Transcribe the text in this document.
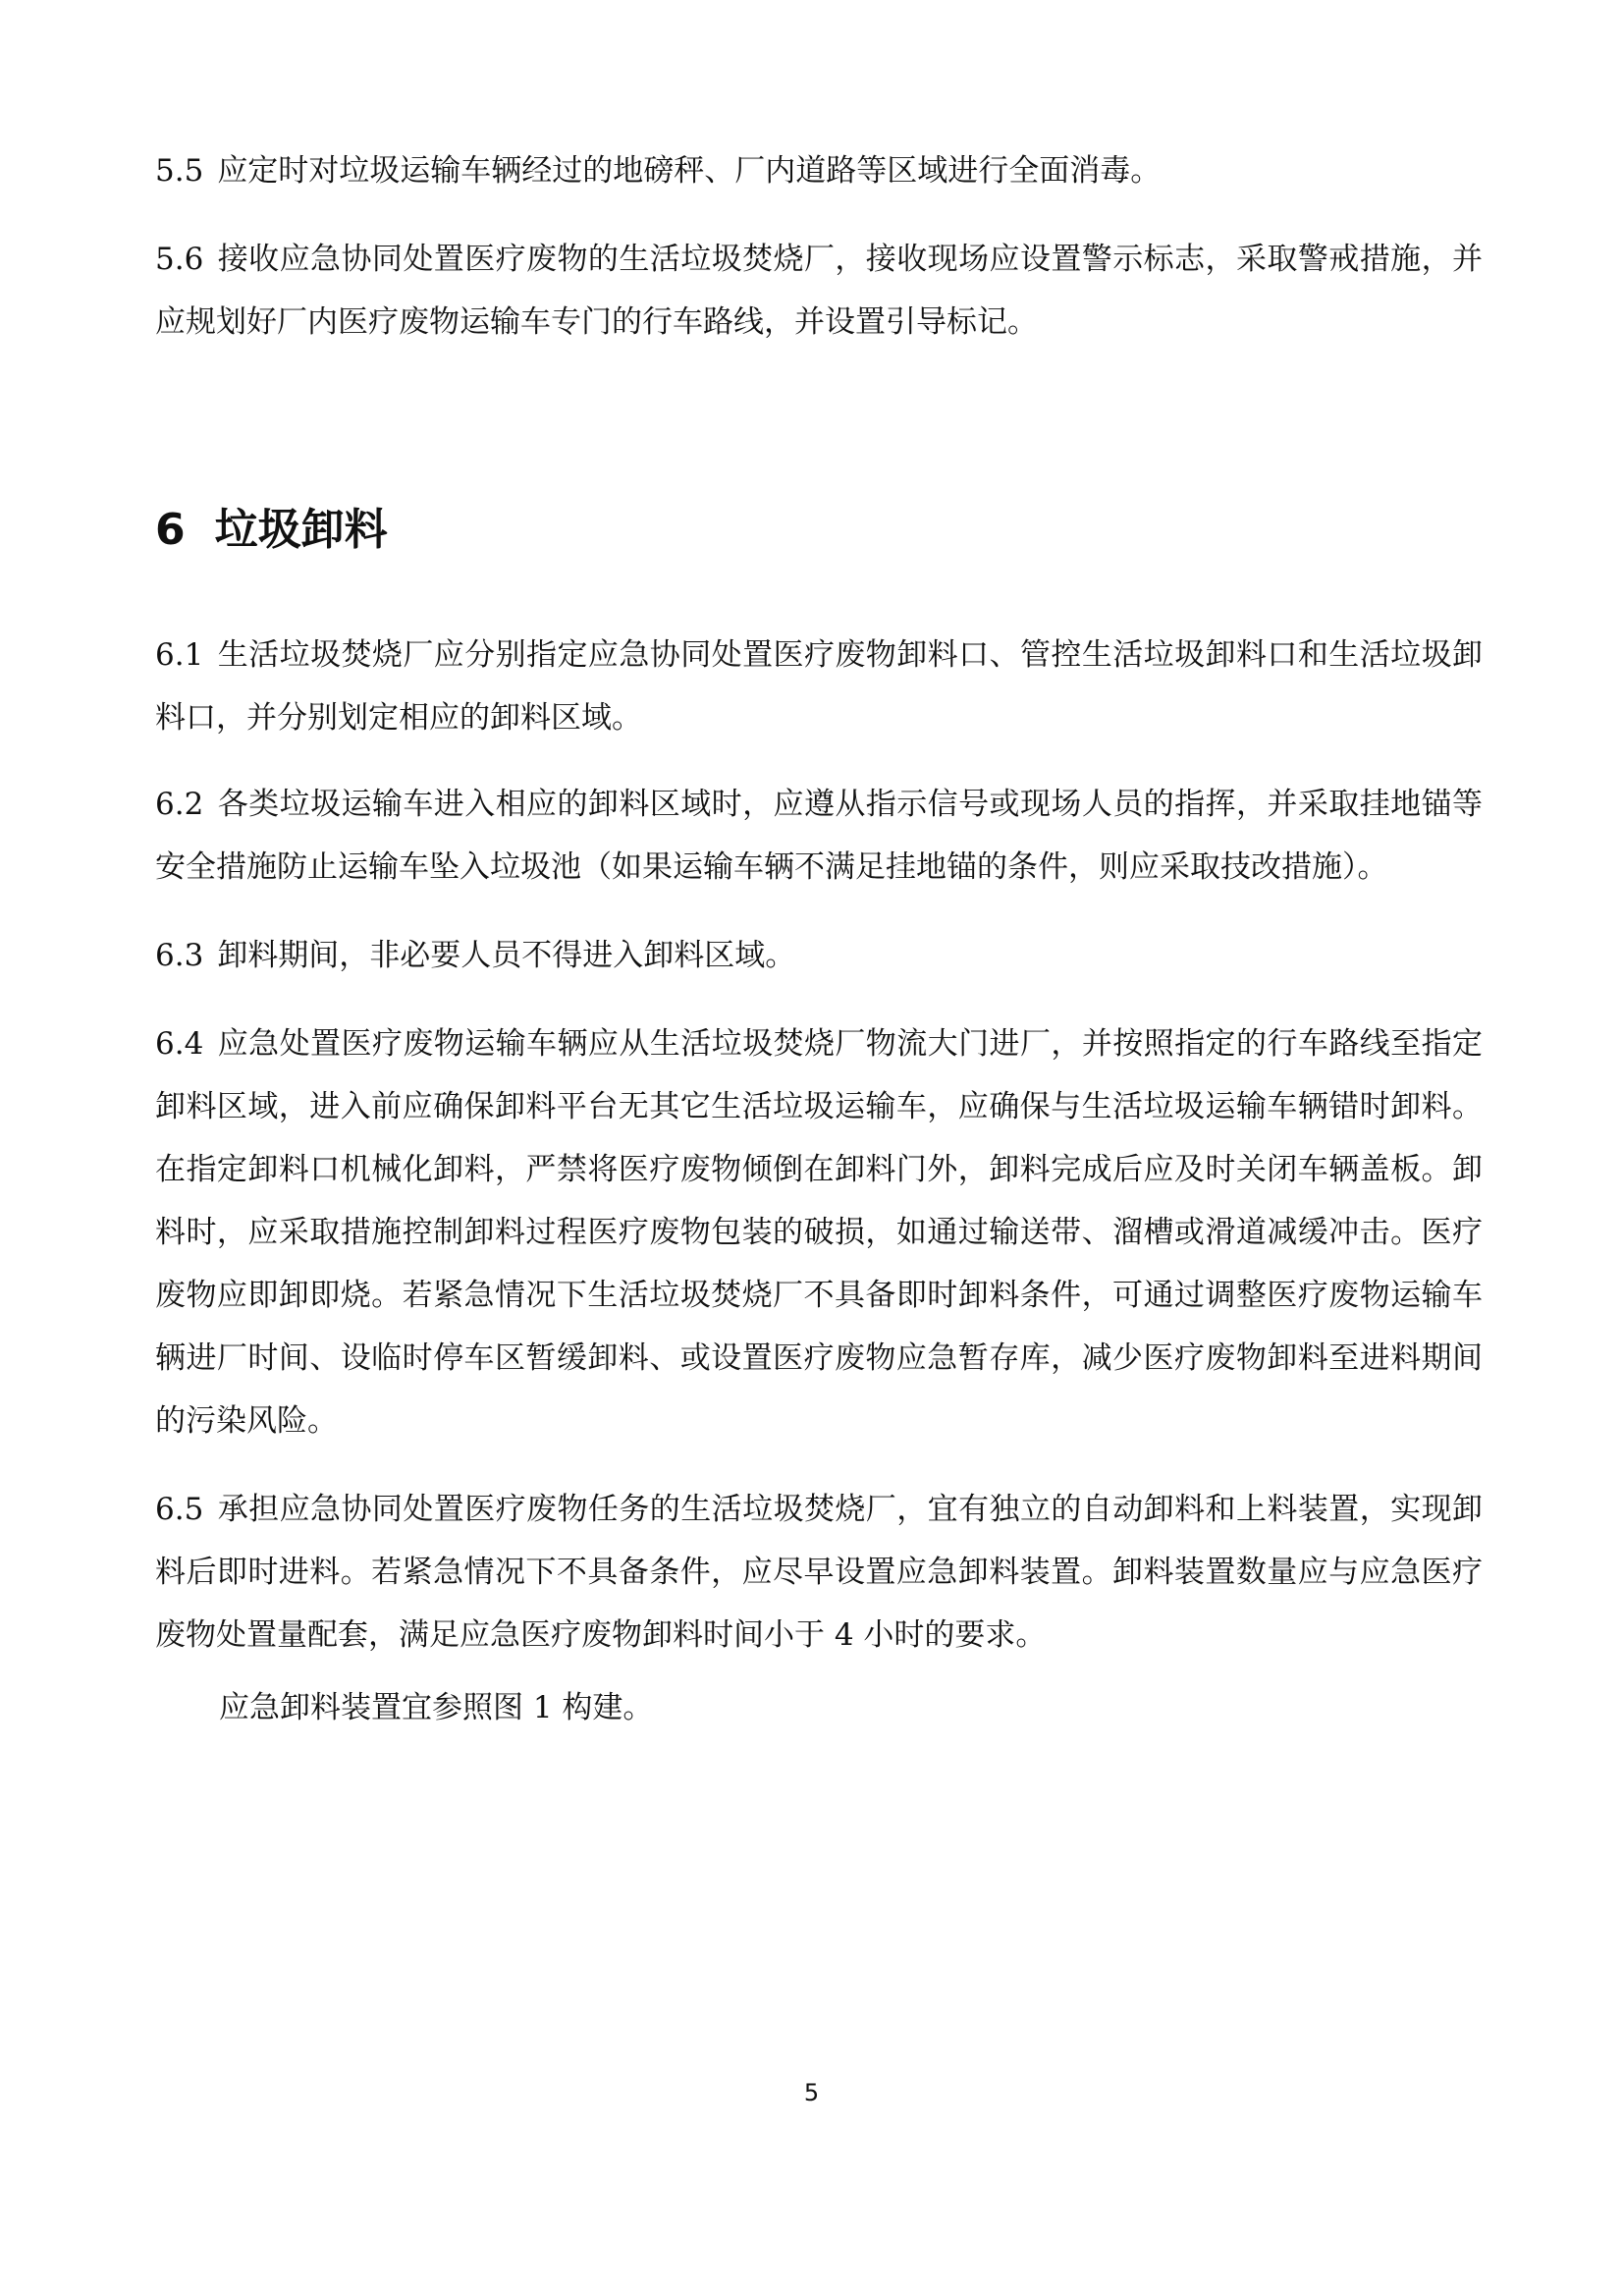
5.5 应定时对垃圾运输车辆经过的地磅秤、厂内道路等区域进行全面消毒。

5.6 接收应急协同处置医疗废物的生活垃圾焚烧厂，接收现场应设置警示标志，采取警戒措施，并应规划好厂内医疗废物运输车专门的行车路线，并设置引导标记。

6 垃圾卸料

6.1 生活垃圾焚烧厂应分别指定应急协同处置医疗废物卸料口、管控生活垃圾卸料口和生活垃圾卸料口，并分别划定相应的卸料区域。

6.2 各类垃圾运输车进入相应的卸料区域时，应遵从指示信号或现场人员的指挥，并采取挂地锚等安全措施防止运输车坠入垃圾池（如果运输车辆不满足挂地锚的条件，则应采取技改措施）。

6.3 卸料期间，非必要人员不得进入卸料区域。

6.4 应急处置医疗废物运输车辆应从生活垃圾焚烧厂物流大门进厂，并按照指定的行车路线至指定卸料区域，进入前应确保卸料平台无其它生活垃圾运输车，应确保与生活垃圾运输车辆错时卸料。在指定卸料口机械化卸料，严禁将医疗废物倾倒在卸料门外，卸料完成后应及时关闭车辆盖板。卸料时，应采取措施控制卸料过程医疗废物包装的破损，如通过输送带、溜槽或滑道减缓冲击。医疗废物应即卸即烧。若紧急情况下生活垃圾焚烧厂不具备即时卸料条件，可通过调整医疗废物运输车辆进厂时间、设临时停车区暂缓卸料、或设置医疗废物应急暂存库，减少医疗废物卸料至进料期间的污染风险。

6.5 承担应急协同处置医疗废物任务的生活垃圾焚烧厂，宜有独立的自动卸料和上料装置，实现卸料后即时进料。若紧急情况下不具备条件，应尽早设置应急卸料装置。卸料装置数量应与应急医疗废物处置量配套，满足应急医疗废物卸料时间小于 4 小时的要求。

应急卸料装置宜参照图 1 构建。

5
